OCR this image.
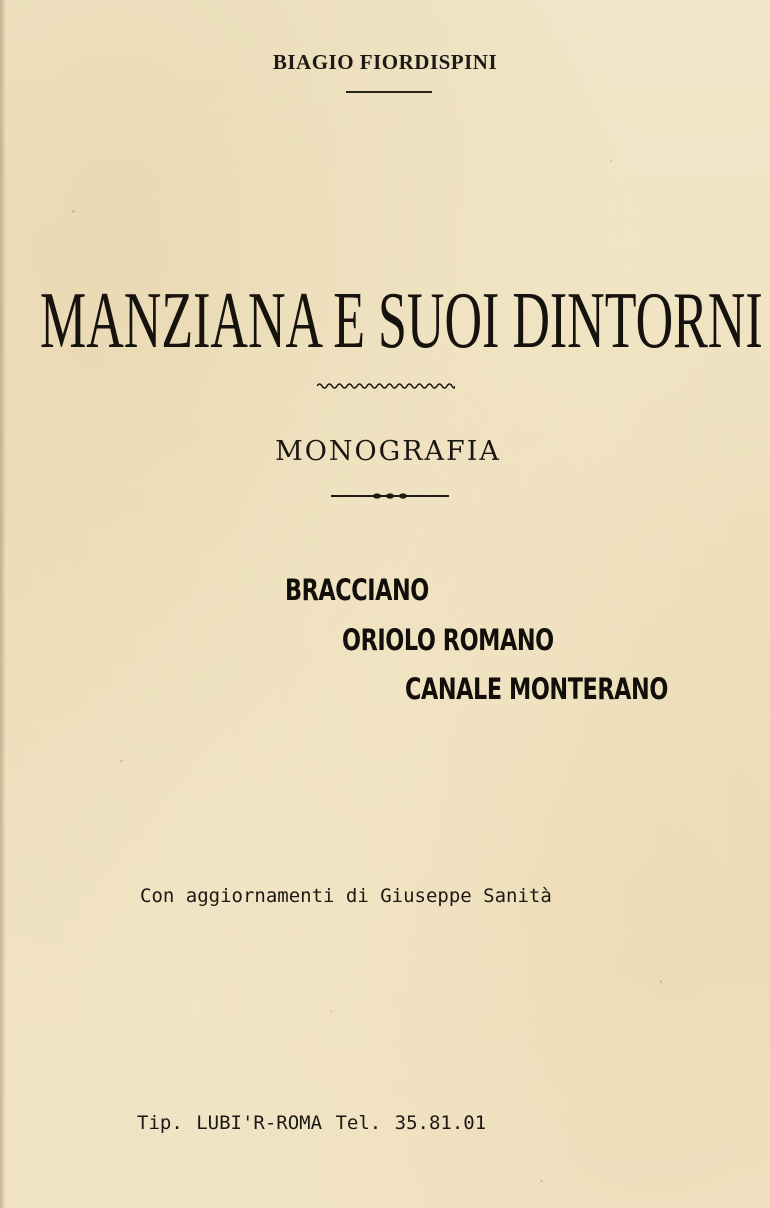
BIAGIO FIORDISPINI
MANZIANA E SUOI DINTORNI
MONOGRAFIA
BRACCIANO
ORIOLO ROMANO
CANALE MONTERANO
Con aggiornamenti di Giuseppe Sanità
Tip. LUBI'R-ROMA Tel. 35.81.01
